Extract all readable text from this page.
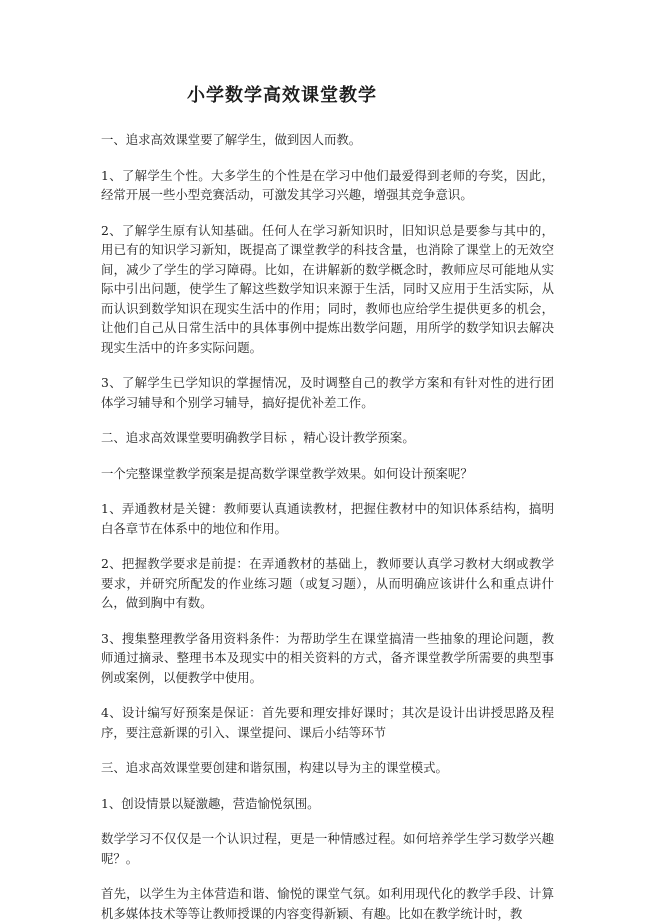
小学数学高效课堂教学

一、追求高效课堂要了解学生，做到因人而教。

1、了解学生个性。大多学生的个性是在学习中他们最爱得到老师的夸奖，因此，经常开展一些小型竞赛活动，可激发其学习兴趣，增强其竞争意识。

2、了解学生原有认知基础。任何人在学习新知识时，旧知识总是要参与其中的，用已有的知识学习新知，既提高了课堂教学的科技含量，也消除了课堂上的无效空间，减少了学生的学习障碍。比如，在讲解新的数学概念时，教师应尽可能地从实际中引出问题，使学生了解这些数学知识来源于生活，同时又应用于生活实际，从而认识到数学知识在现实生活中的作用；同时，教师也应给学生提供更多的机会，让他们自己从日常生活中的具体事例中提炼出数学问题，用所学的数学知识去解决现实生活中的许多实际问题。

3、了解学生已学知识的掌握情况，及时调整自己的教学方案和有针对性的进行团体学习辅导和个别学习辅导，搞好提优补差工作。

二、追求高效课堂要明确教学目标 ，精心设计教学预案。

一个完整课堂教学预案是提高数学课堂教学效果。如何设计预案呢？

1、弄通教材是关键：教师要认真通读教材，把握住教材中的知识体系结构，搞明白各章节在体系中的地位和作用。

2、把握教学要求是前提：在弄通教材的基础上，教师要认真学习教材大纲或教学要求，并研究所配发的作业练习题（或复习题），从而明确应该讲什么和重点讲什么，做到胸中有数。

3、搜集整理教学备用资料条件：为帮助学生在课堂搞清一些抽象的理论问题，教师通过摘录、整理书本及现实中的相关资料的方式，备齐课堂教学所需要的典型事例或案例，以便教学中使用。

4、设计编写好预案是保证：首先要和理安排好课时；其次是设计出讲授思路及程序，要注意新课的引入、课堂提问、课后小结等环节

三、追求高效课堂要创建和谐氛围，构建以导为主的课堂模式。

1、创设情景以疑激趣，营造愉悦氛围。

数学学习不仅仅是一个认识过程，更是一种情感过程。如何培养学生学习数学兴趣呢？。

首先，以学生为主体营造和谐、愉悦的课堂气氛。如利用现代化的教学手段、计算机多媒体技术等等让教师授课的内容变得新颖、有趣。比如在教学统计时，教
